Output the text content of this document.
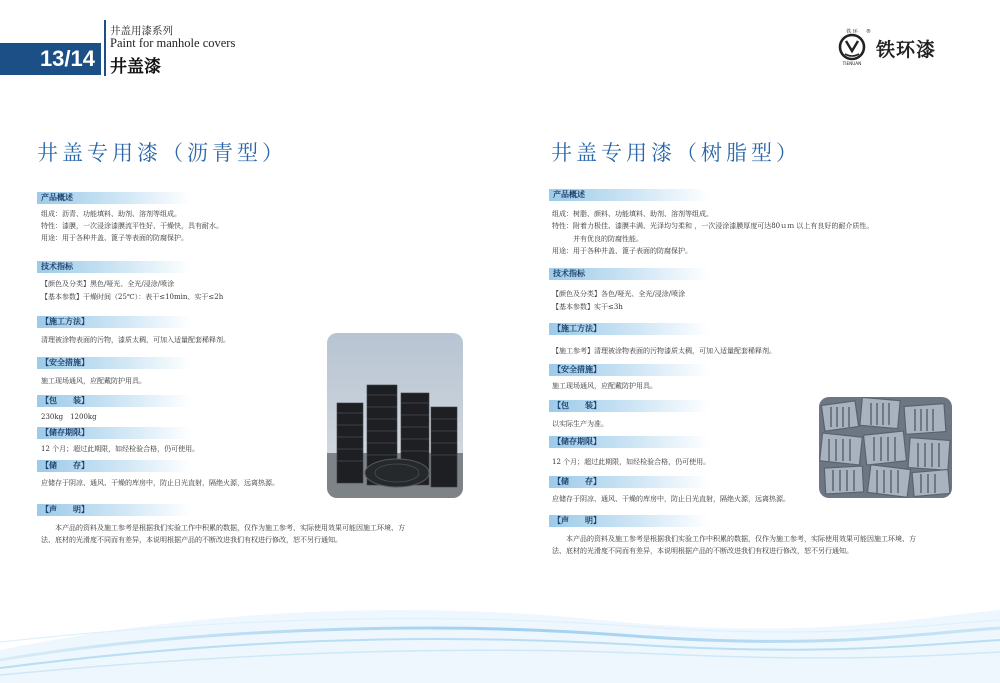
13/14
井盖用漆系列
Paint for manhole covers
井盖漆
铁 环 ®
TIENUAN
铁环漆
井盖专用漆（沥青型）
产品概述
组成：沥青、功能填料、助剂、溶剂等组成。
特性：漆膜，一次浸涂漆膜流平性好、干燥快，具有耐水。
用途：用于各种井盖、篦子等表面的防腐保护。
技术指标
【颜色及分类】黑色/哑光、全光/浸涂/喷涂
【基本参数】干燥时间（25℃）：表干≤10min、实干≤2h
【施工方法】
清理被涂物表面的污物，漆质太稠，可加入适量配套稀释剂。
【安全措施】
施工现场通风，应配戴防护用具。
【包　　装】
230kg　1200kg
【储存期限】
12 个月；超过此期限，如经检验合格，仍可使用。
【储　　存】
应储存于阴凉、通风、干燥的库房中，防止日光直射，隔绝火源，远离热源。
【声　　明】
　　本产品的资料及施工参考是根据我们实验工作中积累的数据，仅作为施工参考，实际使用效果可能因施工环境、方法、底材的光滑度不同而有差异，本说明根据产品的不断改进我们有权进行修改，恕不另行通知。
井盖专用漆（树脂型）
产品概述
组成：树脂、颜料、功能填料、助剂、溶剂等组成。
特性：附着力极佳、漆膜丰满、光泽均匀柔和 ，一次浸涂漆膜厚度可达80ｕｍ 以上有良好的耐介质性。
　　　并有优良的防腐性能。
用途：用于各种井盖、篦子表面的防腐保护。
技术指标
【颜色及分类】各色/哑光、全光/浸涂/喷涂
【基本参数】实干≤3h
【施工方法】
【施工参考】清理被涂物表面的污物漆质太稠，可加入适量配套稀释剂。
【安全措施】
施工现场通风，应配戴防护用具。
【包　　装】
以实际生产为准。
【储存期限】
12 个月；超过此期限，如经检验合格，仍可使用。
【储　　存】
应储存于阴凉、通风、干燥的库房中，防止日光直射，隔绝火源，远离热源。
【声　　明】
　　本产品的资料及施工参考是根据我们实验工作中积累的数据，仅作为施工参考，实际使用效果可能因施工环境、方法、底材的光滑度不同而有差异，本说明根据产品的不断改进我们有权进行修改，恕不另行通知。
